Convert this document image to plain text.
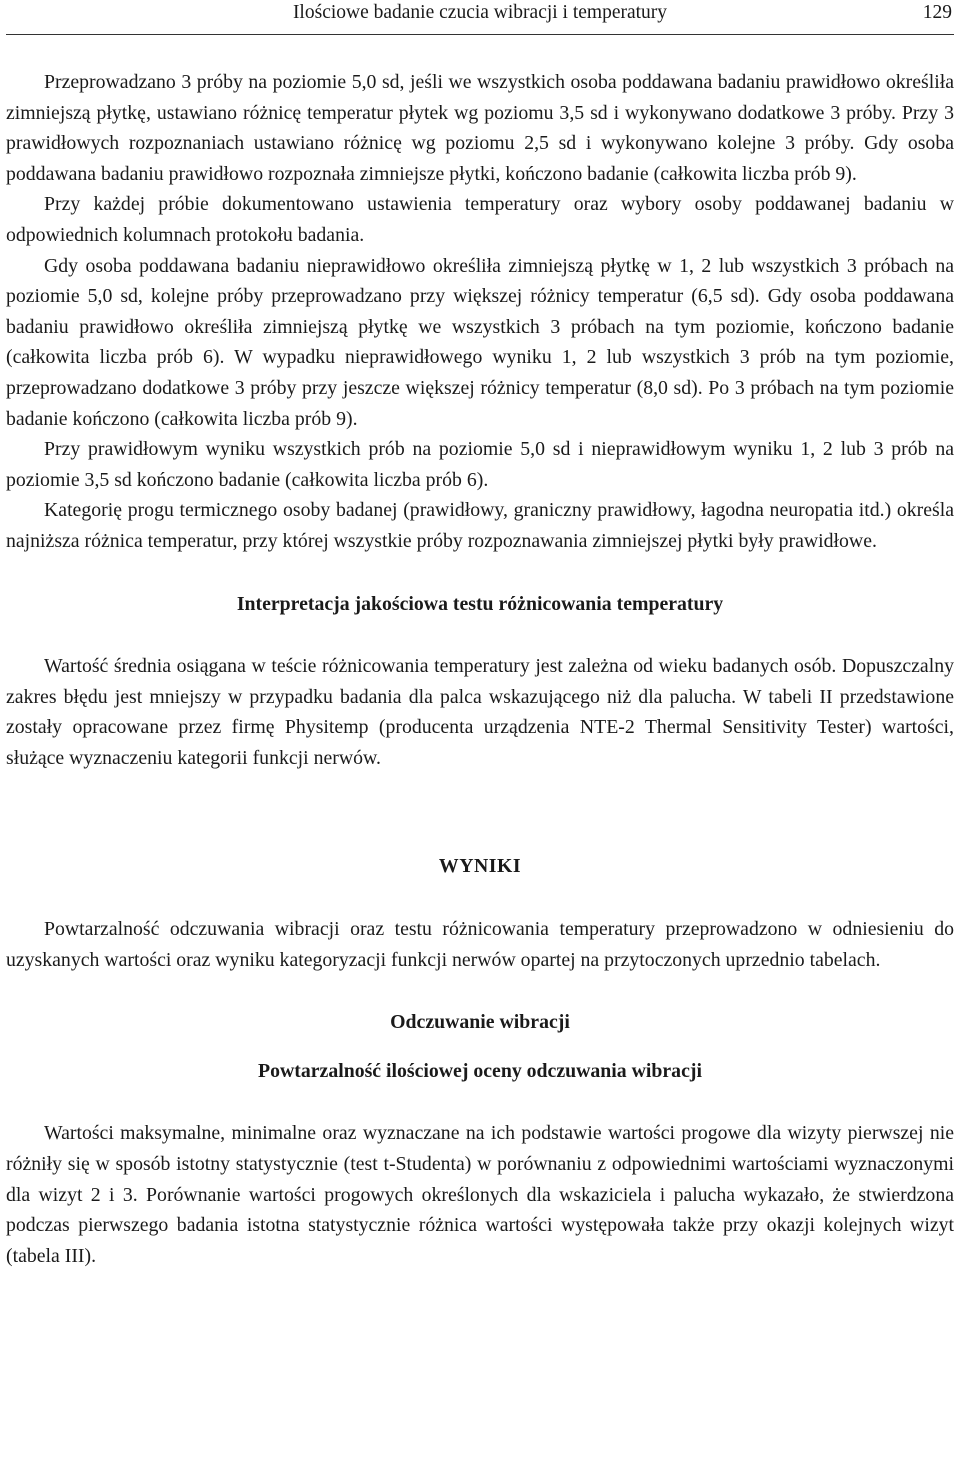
Ilościowe badanie czucia wibracji i temperatury	129

Przeprowadzano 3 próby na poziomie 5,0 sd, jeśli we wszystkich osoba poddawana badaniu prawidłowo określiła zimniejszą płytkę, ustawiano różnicę temperatur płytek wg poziomu 3,5 sd i wykonywano dodatkowe 3 próby. Przy 3 prawidłowych rozpoznaniach ustawiano różnicę wg poziomu 2,5 sd i wykonywano kolejne 3 próby. Gdy osoba poddawana badaniu prawidłowo rozpoznała zimniejsze płytki, kończono badanie (całkowita liczba prób 9).

Przy każdej próbie dokumentowano ustawienia temperatury oraz wybory osoby poddawanej badaniu w odpowiednich kolumnach protokołu badania.

Gdy osoba poddawana badaniu nieprawidłowo określiła zimniejszą płytkę w 1, 2 lub wszystkich 3 próbach na poziomie 5,0 sd, kolejne próby przeprowadzano przy większej różnicy temperatur (6,5 sd). Gdy osoba poddawana badaniu prawidłowo określiła zimniejszą płytkę we wszystkich 3 próbach na tym poziomie, kończono badanie (całkowita liczba prób 6). W wypadku nieprawidłowego wyniku 1, 2 lub wszystkich 3 prób na tym poziomie, przeprowadzano dodatkowe 3 próby przy jeszcze większej różnicy temperatur (8,0 sd). Po 3 próbach na tym poziomie badanie kończono (całkowita liczba prób 9).

Przy prawidłowym wyniku wszystkich prób na poziomie 5,0 sd i nieprawidłowym wyniku 1, 2 lub 3 prób na poziomie 3,5 sd kończono badanie (całkowita liczba prób 6).

Kategorię progu termicznego osoby badanej (prawidłowy, graniczny prawidłowy, łagodna neuropatia itd.) określa najniższa różnica temperatur, przy której wszystkie próby rozpoznawania zimniejszej płytki były prawidłowe.

Interpretacja jakościowa testu różnicowania temperatury

Wartość średnia osiągana w teście różnicowania temperatury jest zależna od wieku badanych osób. Dopuszczalny zakres błędu jest mniejszy w przypadku badania dla palca wskazującego niż dla palucha. W tabeli II przedstawione zostały opracowane przez firmę Physitemp (producenta urządzenia NTE-2 Thermal Sensitivity Tester) wartości, służące wyznaczeniu kategorii funkcji nerwów.

WYNIKI

Powtarzalność odczuwania wibracji oraz testu różnicowania temperatury przeprowadzono w odniesieniu do uzyskanych wartości oraz wyniku kategoryzacji funkcji nerwów opartej na przytoczonych uprzednio tabelach.

Odczuwanie wibracji
Powtarzalność ilościowej oceny odczuwania wibracji

Wartości maksymalne, minimalne oraz wyznaczane na ich podstawie wartości progowe dla wizyty pierwszej nie różniły się w sposób istotny statystycznie (test t-Studenta) w porównaniu z odpowiednimi wartościami wyznaczonymi dla wizyt 2 i 3. Porównanie wartości progowych określonych dla wskaziciela i palucha wykazało, że stwierdzona podczas pierwszego badania istotna statystycznie różnica wartości występowała także przy okazji kolejnych wizyt (tabela III).
